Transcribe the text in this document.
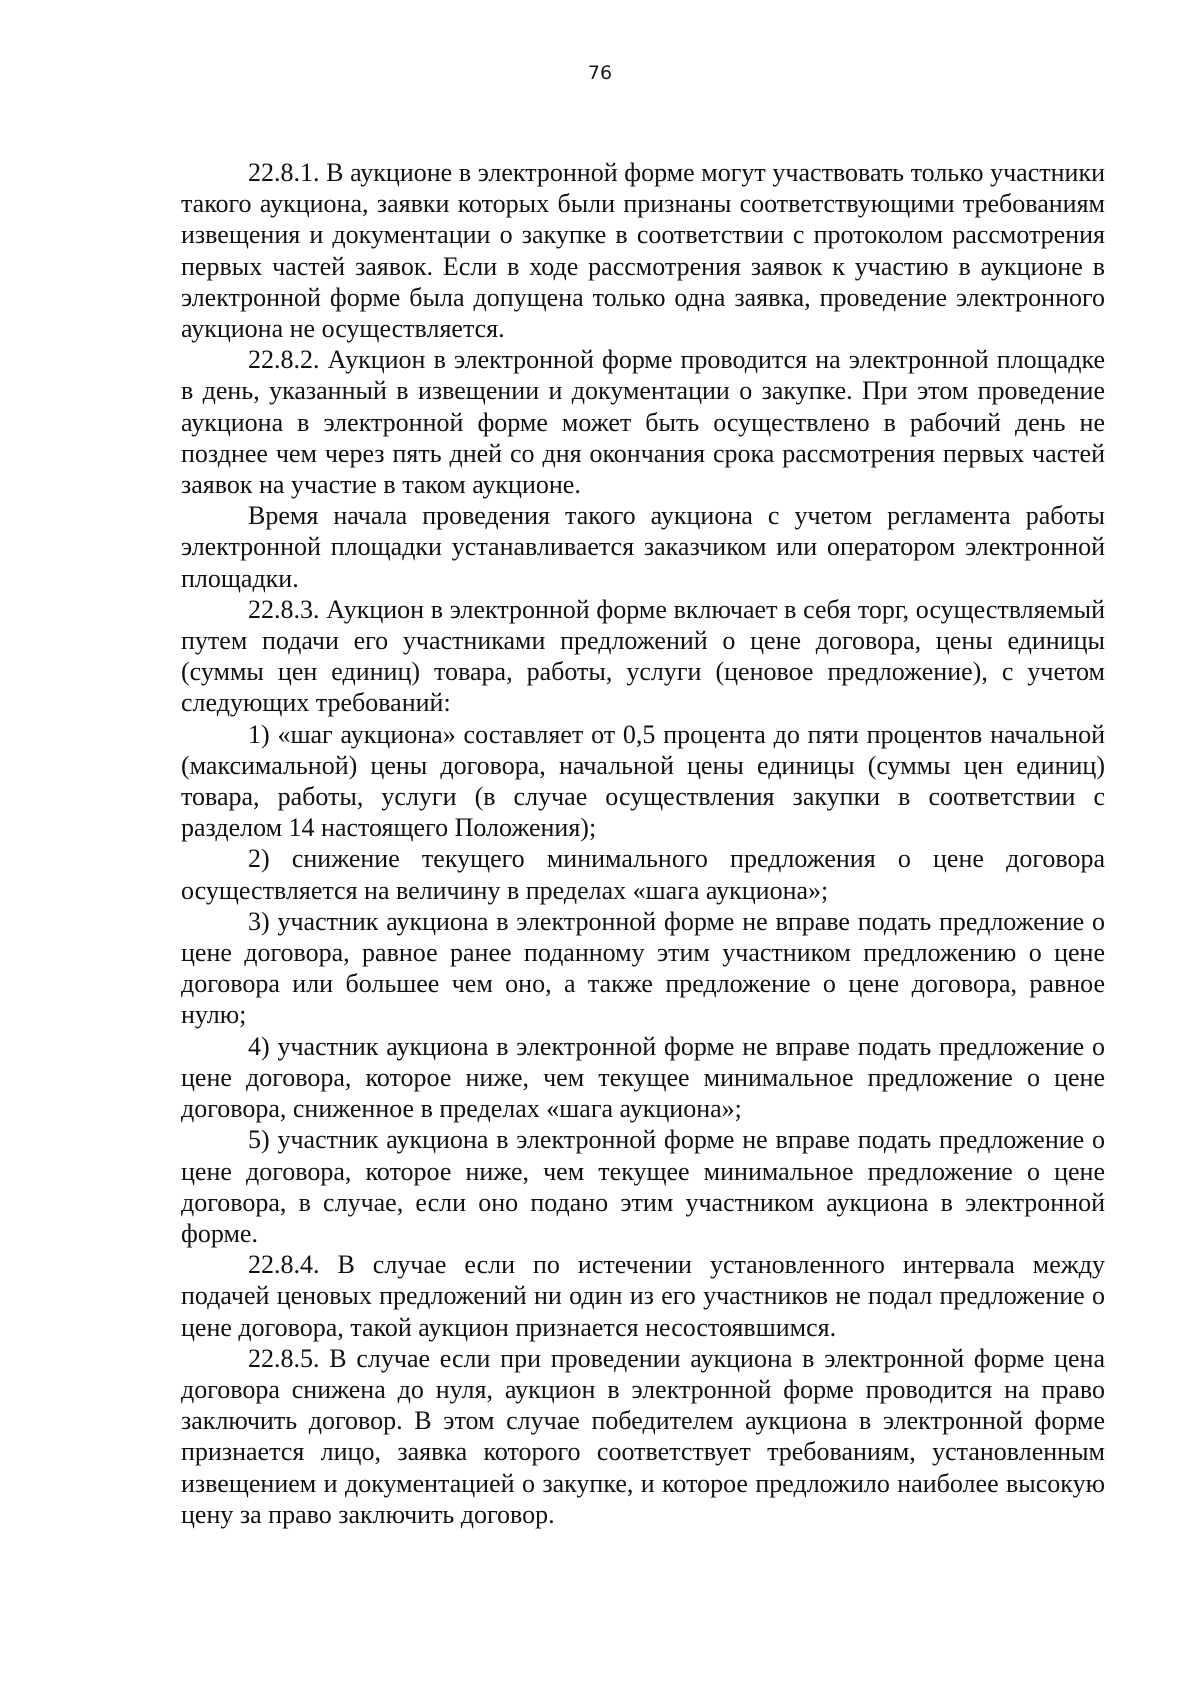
76

22.8.1. В аукционе в электронной форме могут участвовать только участники такого аукциона, заявки которых были признаны соответствующими требованиям извещения и документации о закупке в соответствии с протоколом рассмотрения первых частей заявок. Если в ходе рассмотрения заявок к участию в аукционе в электронной форме была допущена только одна заявка, проведение электронного аукциона не осуществляется.

22.8.2. Аукцион в электронной форме проводится на электронной площадке в день, указанный в извещении и документации о закупке. При этом проведение аукциона в электронной форме может быть осуществлено в рабочий день не позднее чем через пять дней со дня окончания срока рассмотрения первых частей заявок на участие в таком аукционе.

Время начала проведения такого аукциона с учетом регламента работы электронной площадки устанавливается заказчиком или оператором электронной площадки.

22.8.3. Аукцион в электронной форме включает в себя торг, осуществляемый путем подачи его участниками предложений о цене договора, цены единицы (суммы цен единиц) товара, работы, услуги (ценовое предложение), с учетом следующих требований:

1) «шаг аукциона» составляет от 0,5 процента до пяти процентов начальной (максимальной) цены договора, начальной цены единицы (суммы цен единиц) товара, работы, услуги (в случае осуществления закупки в соответствии с разделом 14 настоящего Положения);

2) снижение текущего минимального предложения о цене договора осуществляется на величину в пределах «шага аукциона»;

3) участник аукциона в электронной форме не вправе подать предложение о цене договора, равное ранее поданному этим участником предложению о цене договора или большее чем оно, а также предложение о цене договора, равное нулю;

4) участник аукциона в электронной форме не вправе подать предложение о цене договора, которое ниже, чем текущее минимальное предложение о цене договора, сниженное в пределах «шага аукциона»;

5) участник аукциона в электронной форме не вправе подать предложение о цене договора, которое ниже, чем текущее минимальное предложение о цене договора, в случае, если оно подано этим участником аукциона в электронной форме.

22.8.4. В случае если по истечении установленного интервала между подачей ценовых предложений ни один из его участников не подал предложение о цене договора, такой аукцион признается несостоявшимся.

22.8.5. В случае если при проведении аукциона в электронной форме цена договора снижена до нуля, аукцион в электронной форме проводится на право заключить договор. В этом случае победителем аукциона в электронной форме признается лицо, заявка которого соответствует требованиям, установленным извещением и документацией о закупке, и которое предложило наиболее высокую цену за право заключить договор.
